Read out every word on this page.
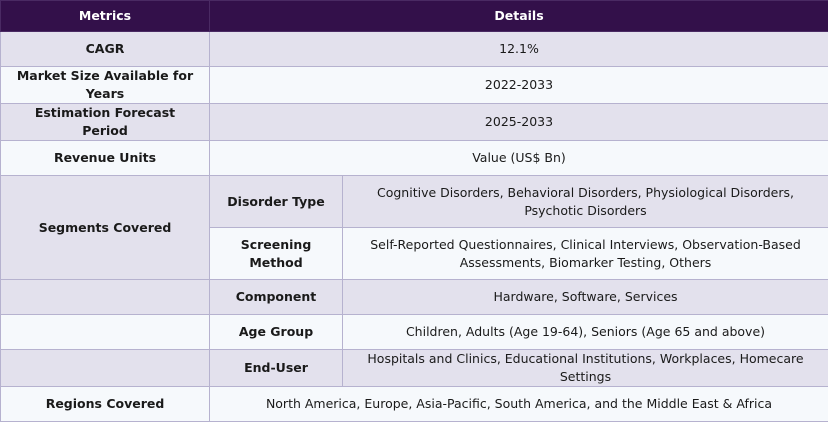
Metrics	Details	
CAGR	12.1%	
Market Size Available for Years	2022-2033	
Estimation Forecast Period	2025-2033	
Revenue Units	Value (US$ Bn)	
Segments Covered	Disorder Type	Cognitive Disorders, Behavioral Disorders, Physiological Disorders, Psychotic Disorders
	Screening Method	Self-Reported Questionnaires, Clinical Interviews, Observation-Based Assessments, Biomarker Testing, Others
	Component	Hardware, Software, Services
	Age Group	Children, Adults (Age 19-64), Seniors (Age 65 and above)
	End-User	Hospitals and Clinics, Educational Institutions, Workplaces, Homecare Settings
Regions Covered	North America, Europe, Asia-Pacific, South America, and the Middle East & Africa	
